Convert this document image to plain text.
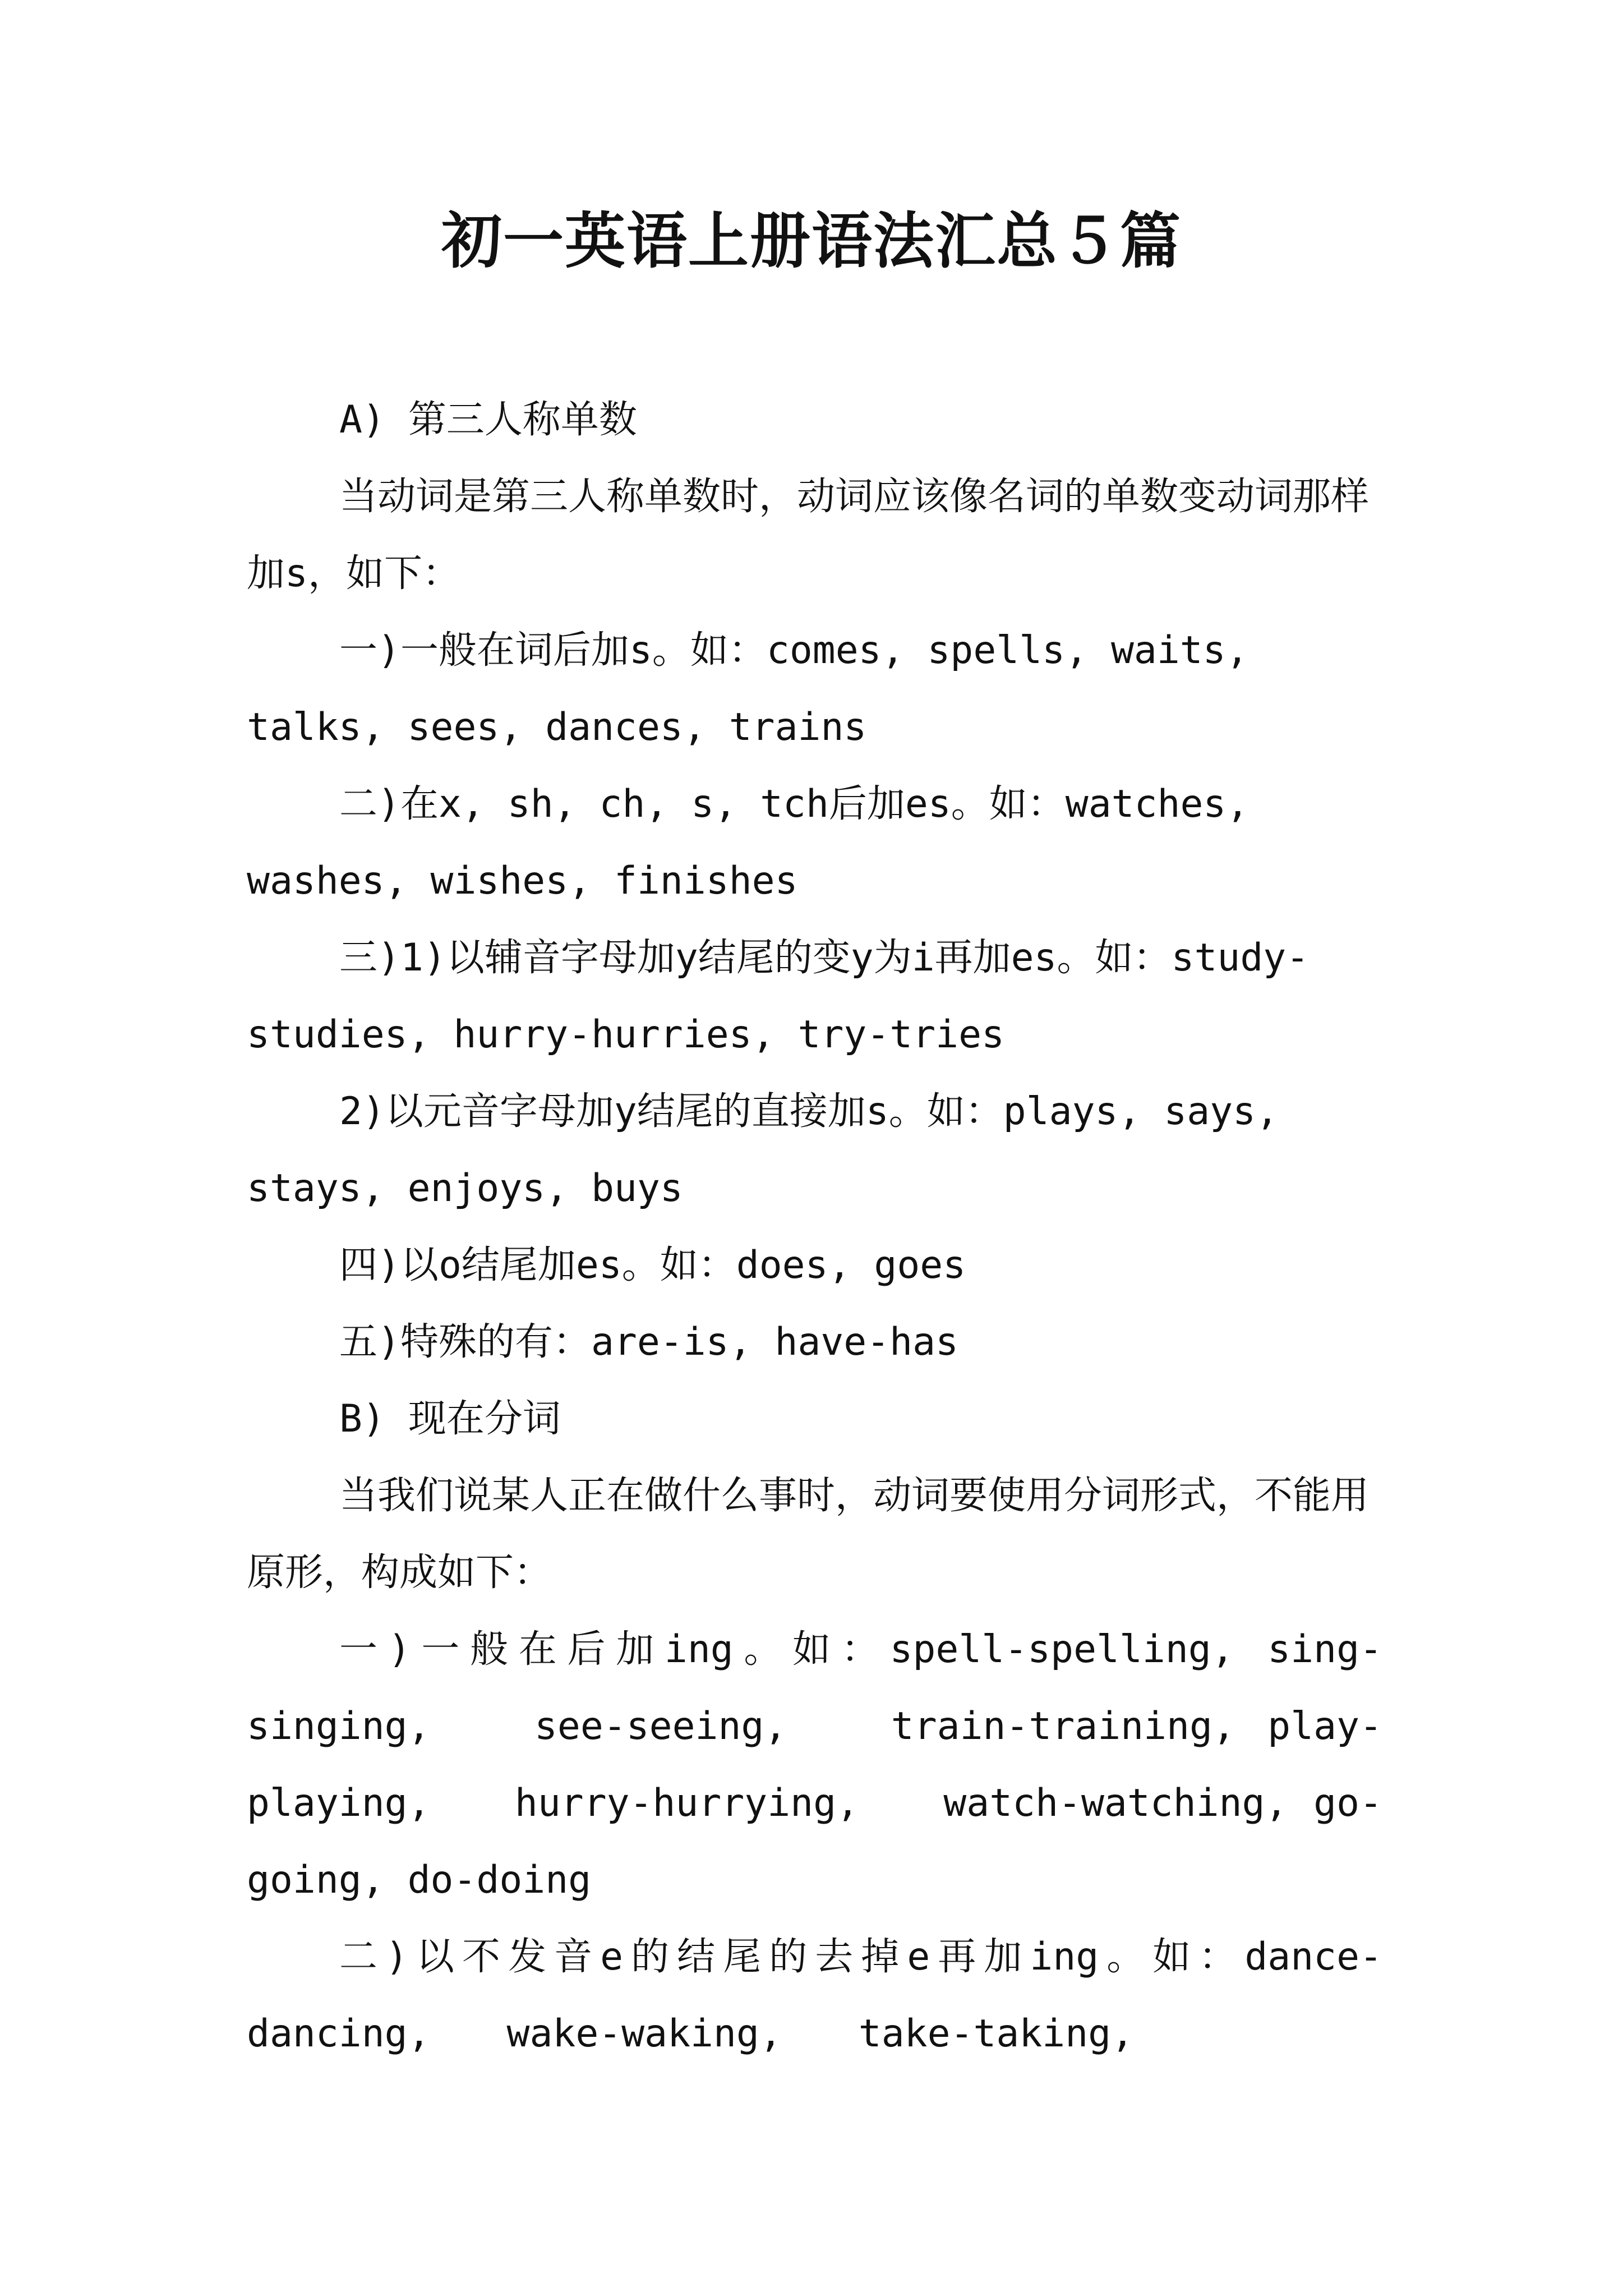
初一英语上册语法汇总５篇

A) 第三人称单数

当动词是第三人称单数时，动词应该像名词的单数变动词那样加s，如下：

一)一般在词后加s。如：comes, spells, waits, talks, sees, dances, trains

二)在x, sh, ch, s, tch后加es。如：watches, washes, wishes, finishes

三)1)以辅音字母加y结尾的变y为i再加es。如：study-studies, hurry-hurries, try-tries

2)以元音字母加y结尾的直接加s。如：plays, says, stays, enjoys, buys

四)以o结尾加es。如：does, goes

五)特殊的有：are-is, have-has

B) 现在分词

当我们说某人正在做什么事时，动词要使用分词形式，不能用原形，构成如下：

一)一般在后加ing。如：spell-spelling, sing-singing,　　see-seeing,　　train-training, play-playing,　　hurry-hurrying,　　watch-watching, go-going, do-doing

二)以不发音e的结尾的去掉e再加ing。如：dance-dancing,　　wake-waking,　　take-taking,
